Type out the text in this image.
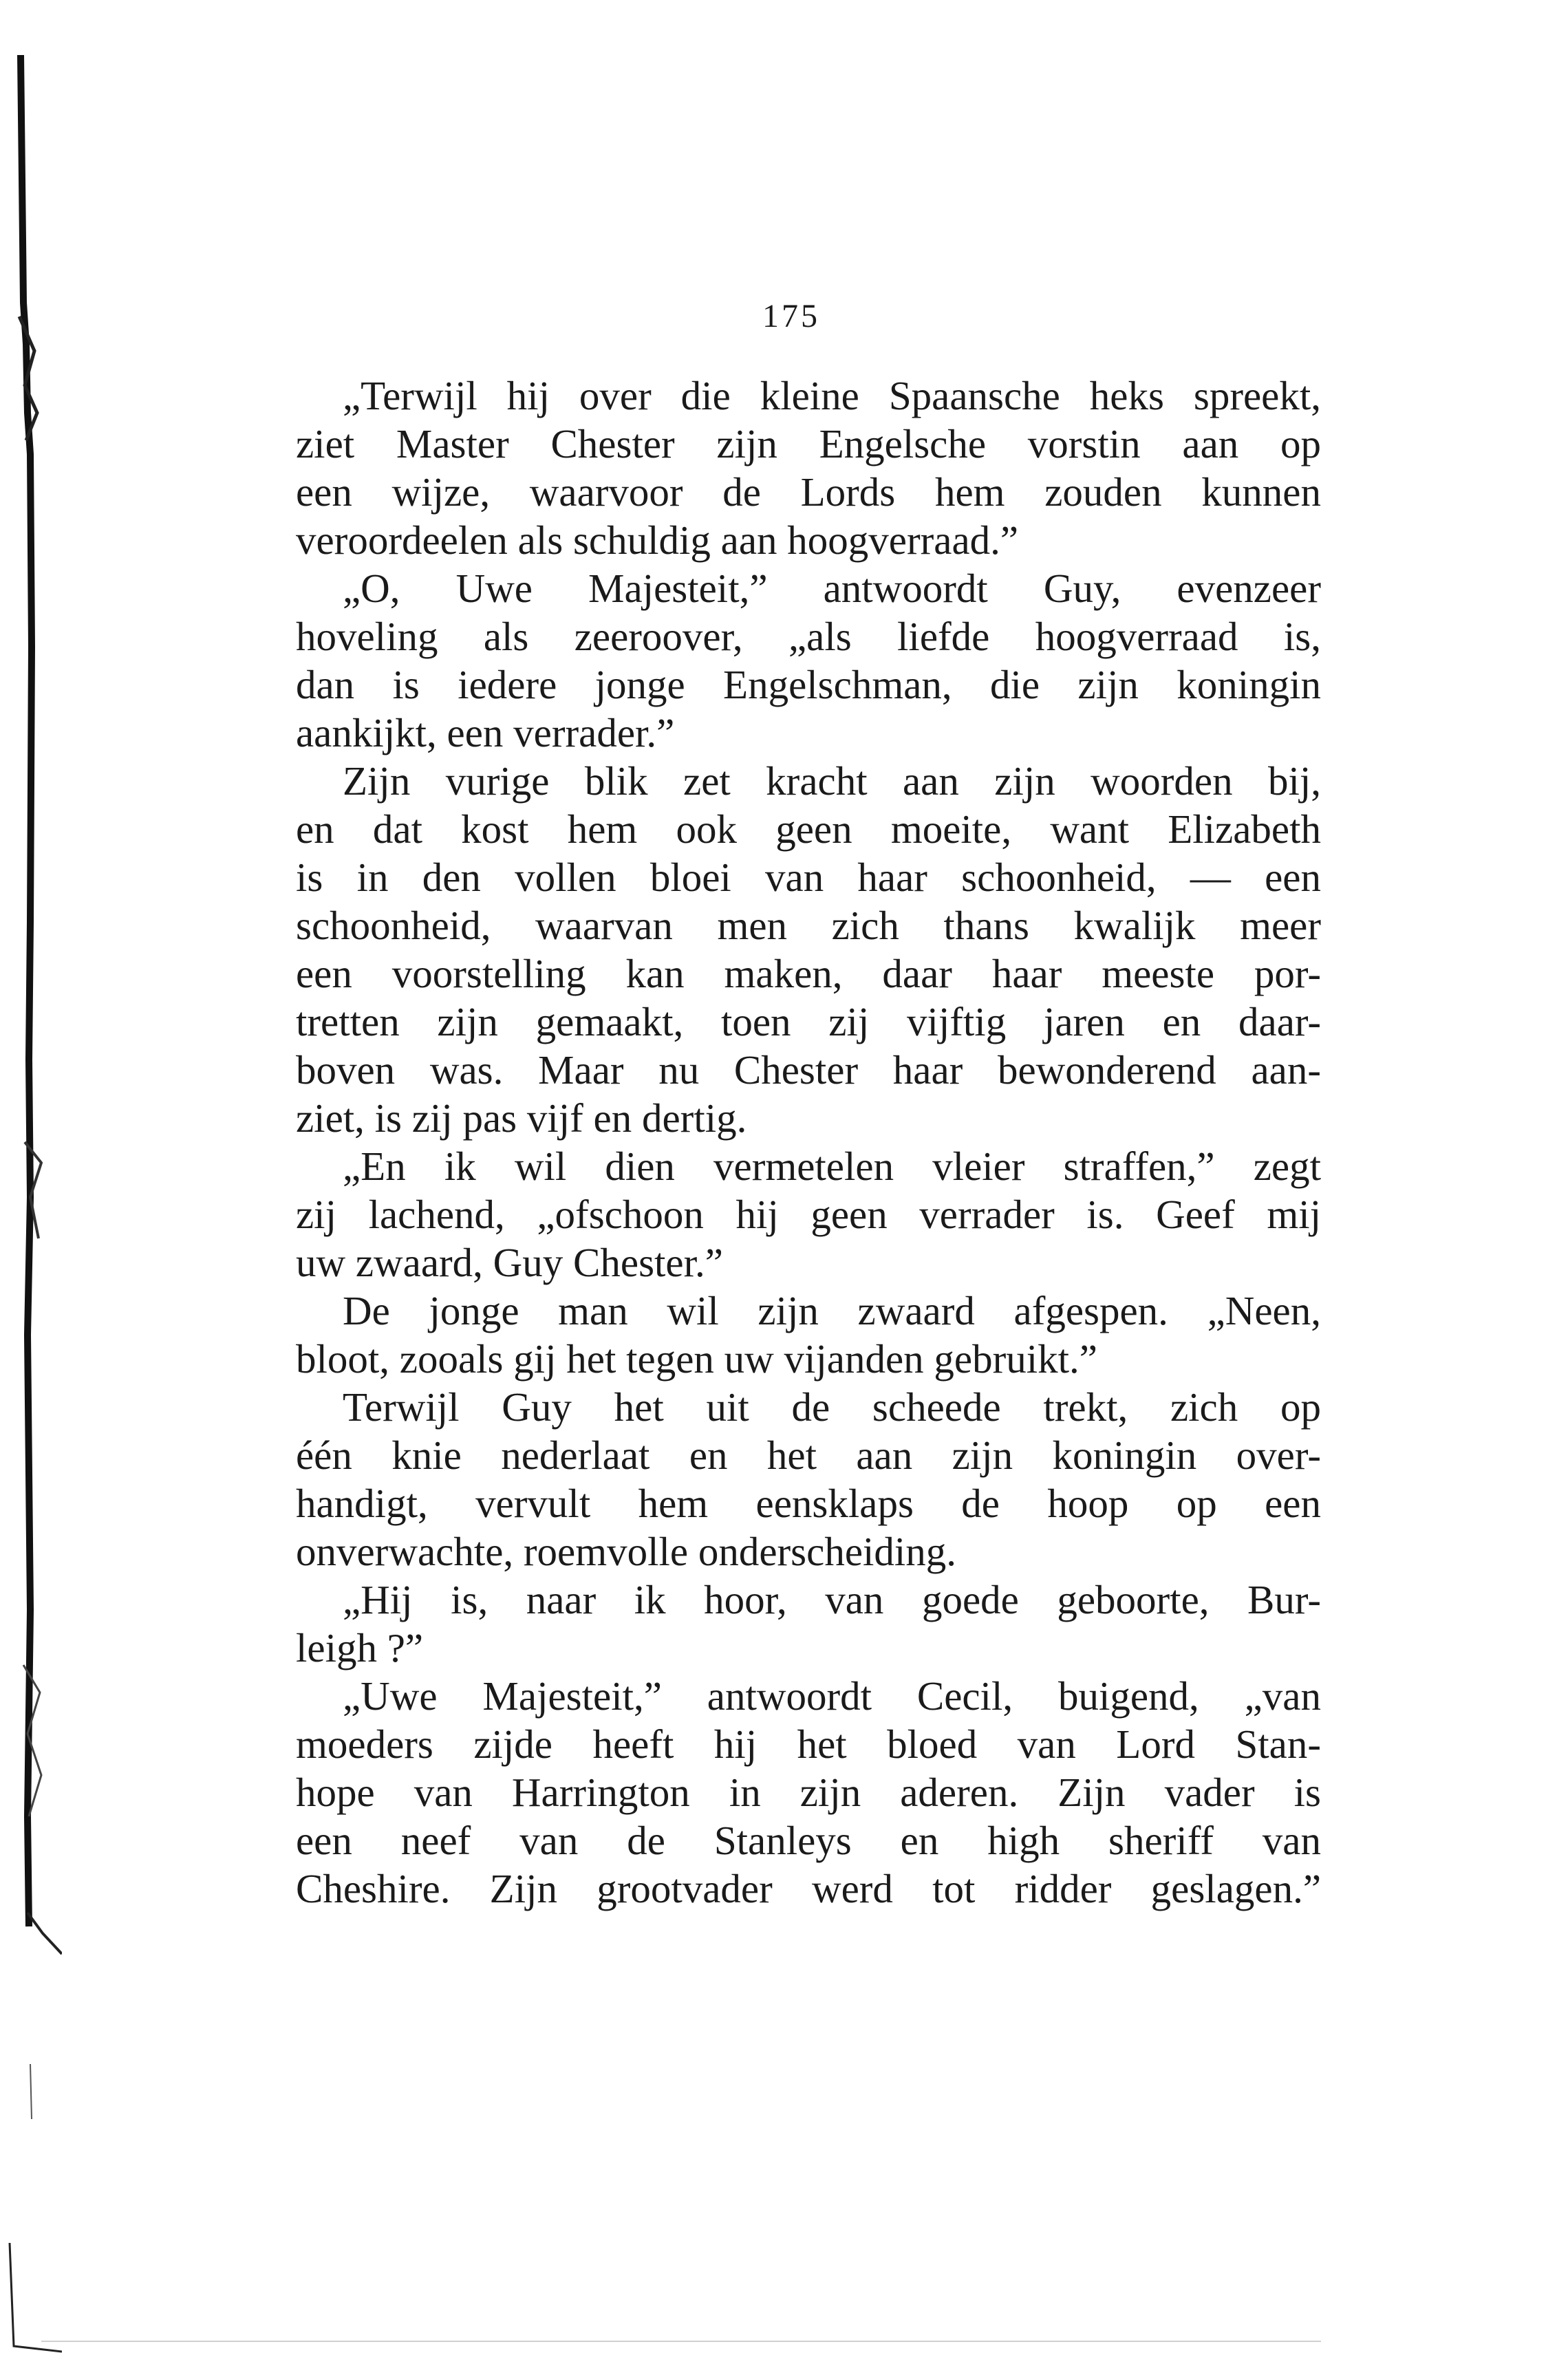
175
„Terwijl hij over die kleine Spaansche heks spreekt,
ziet Master Chester zijn Engelsche vorstin aan op
een wijze, waarvoor de Lords hem zouden kunnen
veroordeelen als schuldig aan hoogverraad.”
„O, Uwe Majesteit,” antwoordt Guy, evenzeer
hoveling als zeeroover, „als liefde hoogverraad is,
dan is iedere jonge Engelschman, die zijn koningin
aankijkt, een verrader.”
Zijn vurige blik zet kracht aan zijn woorden bij,
en dat kost hem ook geen moeite, want Elizabeth
is in den vollen bloei van haar schoonheid, — een
schoonheid, waarvan men zich thans kwalijk meer
een voorstelling kan maken, daar haar meeste por-
tretten zijn gemaakt, toen zij vijftig jaren en daar-
boven was. Maar nu Chester haar bewonderend aan-
ziet, is zij pas vijf en dertig.
„En ik wil dien vermetelen vleier straffen,” zegt
zij lachend, „ofschoon hij geen verrader is. Geef mij
uw zwaard, Guy Chester.”
De jonge man wil zijn zwaard afgespen. „Neen,
bloot, zooals gij het tegen uw vijanden gebruikt.”
Terwijl Guy het uit de scheede trekt, zich op
één knie nederlaat en het aan zijn koningin over-
handigt, vervult hem eensklaps de hoop op een
onverwachte, roemvolle onderscheiding.
„Hij is, naar ik hoor, van goede geboorte, Bur-
leigh ?”
„Uwe Majesteit,” antwoordt Cecil, buigend, „van
moeders zijde heeft hij het bloed van Lord Stan-
hope van Harrington in zijn aderen. Zijn vader is
een neef van de Stanleys en high sheriff van
Cheshire. Zijn grootvader werd tot ridder geslagen.”
